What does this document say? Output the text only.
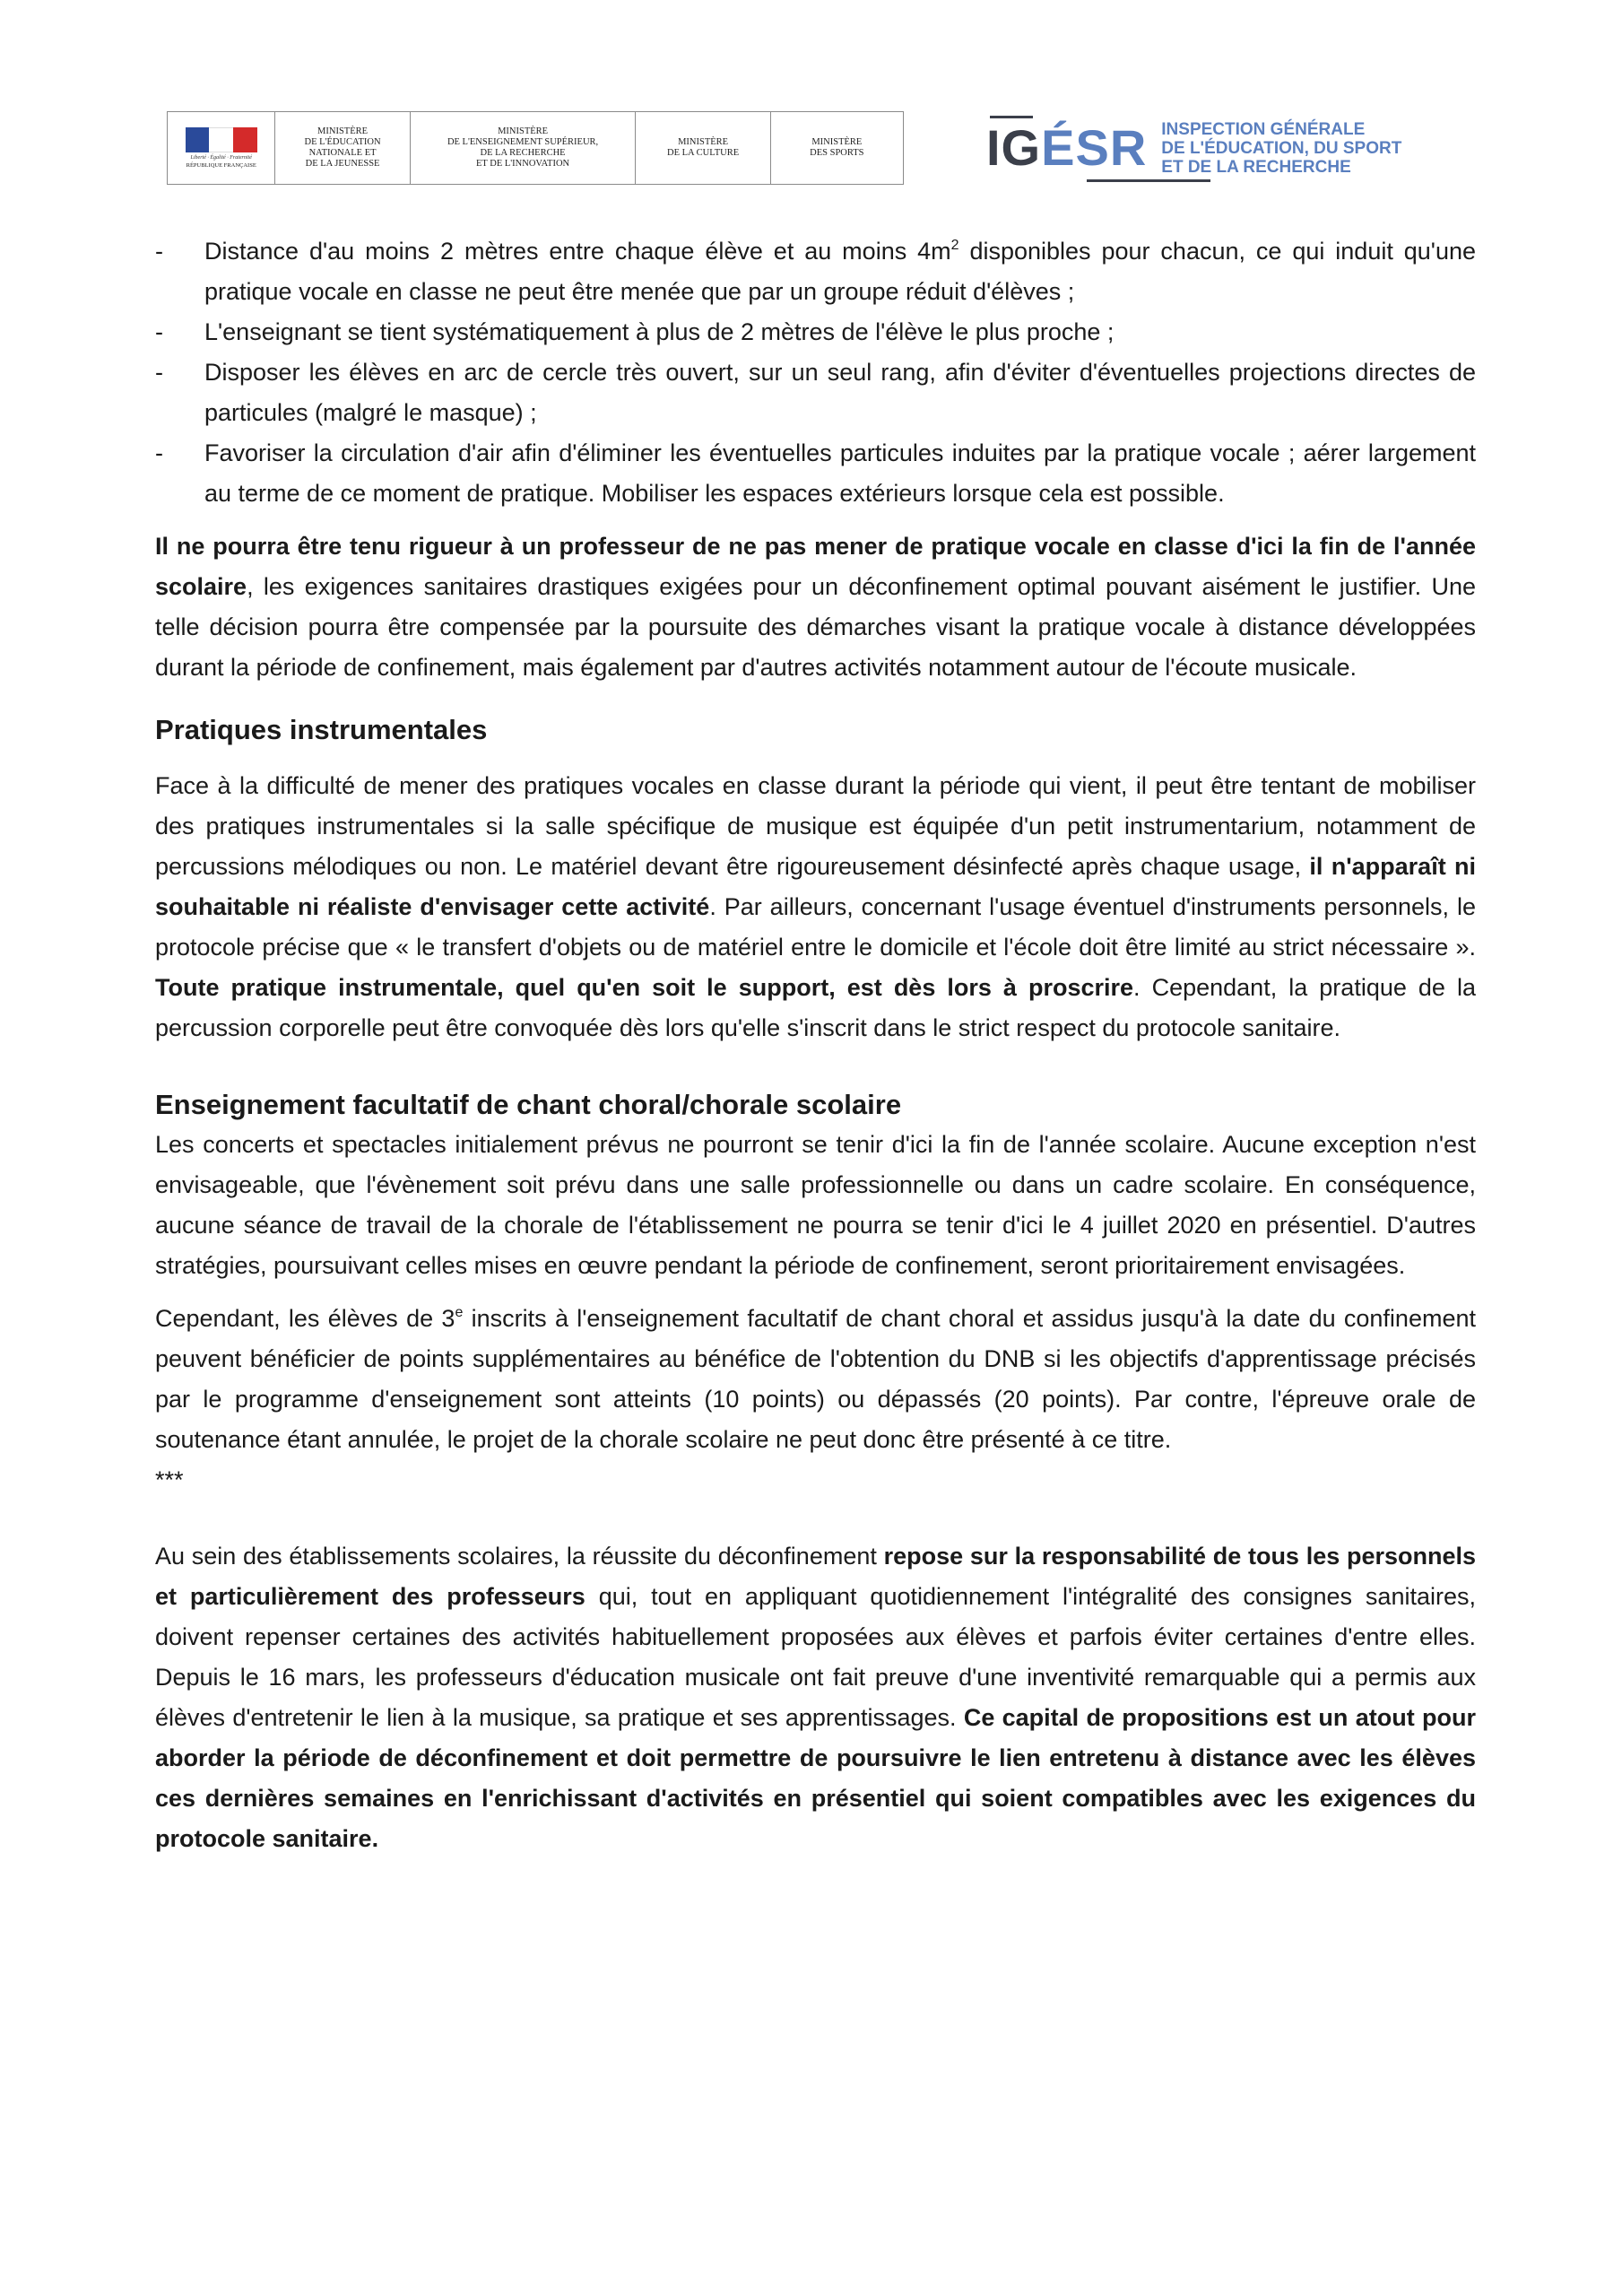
Liberté · Égalité · Fraternité
RÉPUBLIQUE FRANÇAISE
MINISTÈRE
DE L'ÉDUCATION
NATIONALE ET
DE LA JEUNESSE
MINISTÈRE
DE L'ENSEIGNEMENT SUPÉRIEUR,
DE LA RECHERCHE
ET DE L'INNOVATION
MINISTÈRE
DE LA CULTURE
MINISTÈRE
DES SPORTS	IGÉSR INSPECTION GÉNÉRALE
DE L'ÉDUCATION, DU SPORT
ET DE LA RECHERCHE
- Distance d'au moins 2 mètres entre chaque élève et au moins $4m^2$ disponibles pour chacun, ce qui induit qu'une pratique vocale en classe ne peut être menée que par un groupe réduit d'élèves ;
- L'enseignant se tient systématiquement à plus de 2 mètres de l'élève le plus proche ;
- Disposer les élèves en arc de cercle très ouvert, sur un seul rang, afin d'éviter d'éventuelles projections directes de particules (malgré le masque) ;
- Favoriser la circulation d'air afin d'éliminer les éventuelles particules induites par la pratique vocale ; aérer largement au terme de ce moment de pratique. Mobiliser les espaces extérieurs lorsque cela est possible.

Il ne pourra être tenu rigueur à un professeur de ne pas mener de pratique vocale en classe d'ici la fin de l'année scolaire, les exigences sanitaires drastiques exigées pour un déconfinement optimal pouvant aisément le justifier. Une telle décision pourra être compensée par la poursuite des démarches visant la pratique vocale à distance développées durant la période de confinement, mais également par d'autres activités notamment autour de l'écoute musicale.

Pratiques instrumentales

Face à la difficulté de mener des pratiques vocales en classe durant la période qui vient, il peut être tentant de mobiliser des pratiques instrumentales si la salle spécifique de musique est équipée d'un petit instrumentarium, notamment de percussions mélodiques ou non. Le matériel devant être rigoureusement désinfecté après chaque usage, il n'apparaît ni souhaitable ni réaliste d'envisager cette activité. Par ailleurs, concernant l'usage éventuel d'instruments personnels, le protocole précise que « le transfert d'objets ou de matériel entre le domicile et l'école doit être limité au strict nécessaire ». Toute pratique instrumentale, quel qu'en soit le support, est dès lors à proscrire. Cependant, la pratique de la percussion corporelle peut être convoquée dès lors qu'elle s'inscrit dans le strict respect du protocole sanitaire.

Enseignement facultatif de chant choral/chorale scolaire

Les concerts et spectacles initialement prévus ne pourront se tenir d'ici la fin de l'année scolaire. Aucune exception n'est envisageable, que l'évènement soit prévu dans une salle professionnelle ou dans un cadre scolaire. En conséquence, aucune séance de travail de la chorale de l'établissement ne pourra se tenir d'ici le 4 juillet 2020 en présentiel. D'autres stratégies, poursuivant celles mises en œuvre pendant la période de confinement, seront prioritairement envisagées.

Cependant, les élèves de 3e inscrits à l'enseignement facultatif de chant choral et assidus jusqu'à la date du confinement peuvent bénéficier de points supplémentaires au bénéfice de l'obtention du DNB si les objectifs d'apprentissage précisés par le programme d'enseignement sont atteints (10 points) ou dépassés (20 points). Par contre, l'épreuve orale de soutenance étant annulée, le projet de la chorale scolaire ne peut donc être présenté à ce titre.

***

Au sein des établissements scolaires, la réussite du déconfinement repose sur la responsabilité de tous les personnels et particulièrement des professeurs qui, tout en appliquant quotidiennement l'intégralité des consignes sanitaires, doivent repenser certaines des activités habituellement proposées aux élèves et parfois éviter certaines d'entre elles. Depuis le 16 mars, les professeurs d'éducation musicale ont fait preuve d'une inventivité remarquable qui a permis aux élèves d'entretenir le lien à la musique, sa pratique et ses apprentissages. Ce capital de propositions est un atout pour aborder la période de déconfinement et doit permettre de poursuivre le lien entretenu à distance avec les élèves ces dernières semaines en l'enrichissant d'activités en présentiel qui soient compatibles avec les exigences du protocole sanitaire.
